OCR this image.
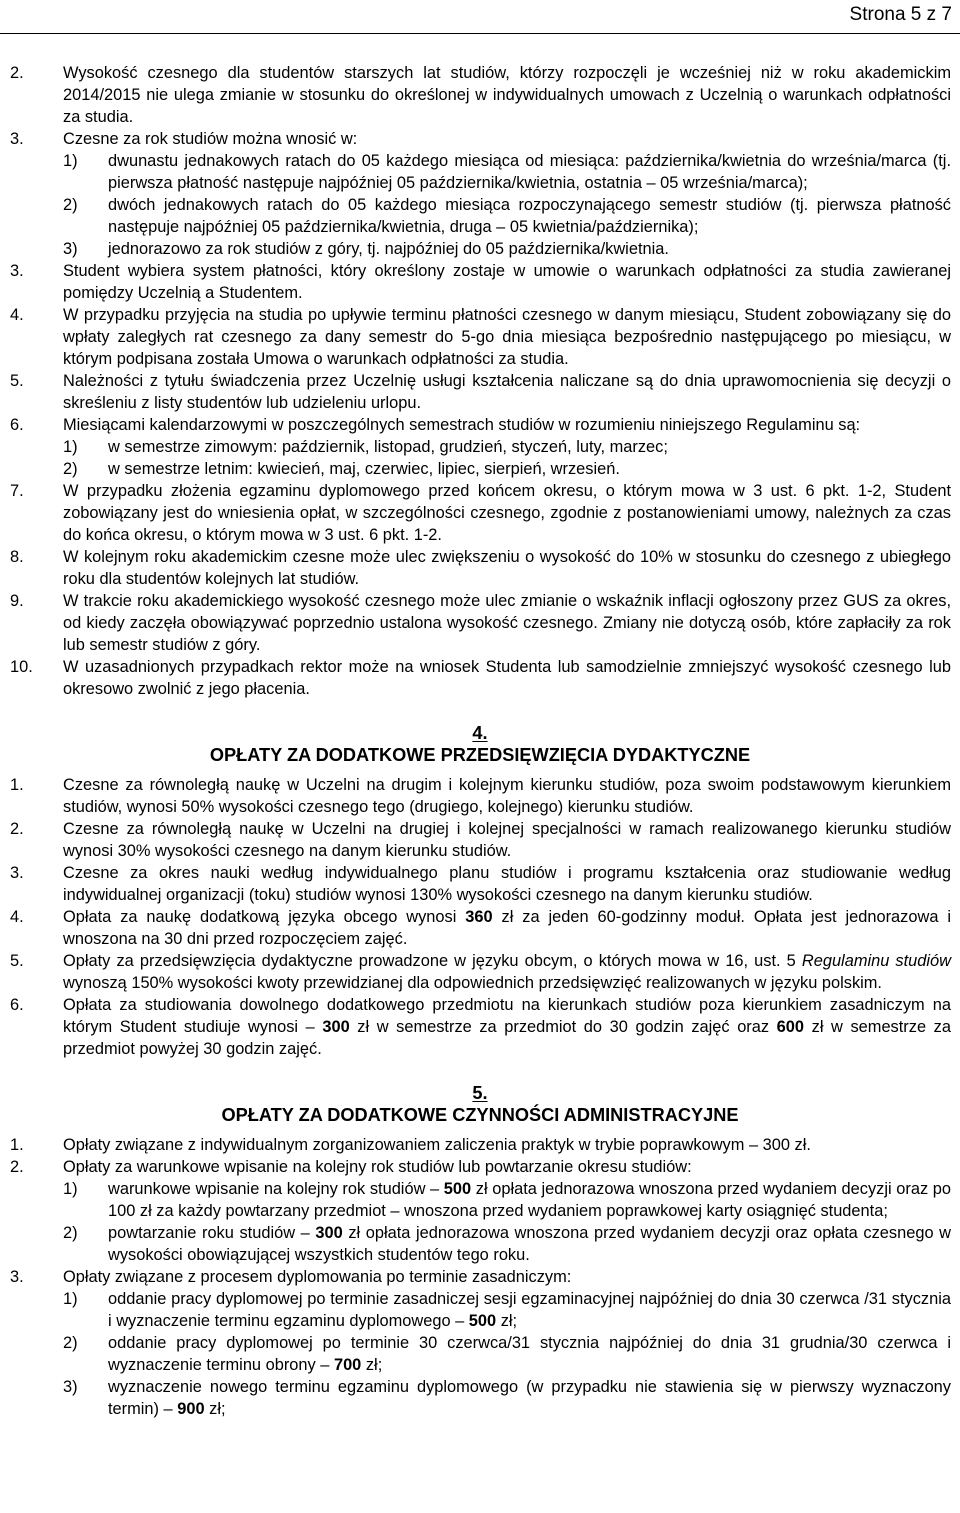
Strona 5 z 7
2. Wysokość czesnego dla studentów starszych lat studiów, którzy rozpoczęli je wcześniej niż w roku akademickim 2014/2015 nie ulega zmianie w stosunku do określonej w indywidualnych umowach z Uczelnią o warunkach odpłatności za studia.
3. Czesne za rok studiów można wnosić w:
1) dwunastu jednakowych ratach do 05 każdego miesiąca od miesiąca: października/kwietnia do września/marca (tj. pierwsza płatność następuje najpóźniej 05 października/kwietnia, ostatnia – 05 września/marca);
2) dwóch jednakowych ratach do 05 każdego miesiąca rozpoczynającego semestr studiów (tj. pierwsza płatność następuje najpóźniej 05 października/kwietnia, druga – 05 kwietnia/października);
3) jednorazowo za rok studiów z góry, tj. najpóźniej do 05 października/kwietnia.
3. Student wybiera system płatności, który określony zostaje w umowie o warunkach odpłatności za studia zawieranej pomiędzy Uczelnią a Studentem.
4. W przypadku przyjęcia na studia po upływie terminu płatności czesnego w danym miesiącu, Student zobowiązany się do wpłaty zaległych rat czesnego za dany semestr do 5-go dnia miesiąca bezpośrednio następującego po miesiącu, w którym podpisana została Umowa o warunkach odpłatności za studia.
5. Należności z tytułu świadczenia przez Uczelnię usługi kształcenia naliczane są do dnia uprawomocnienia się decyzji o skreśleniu z listy studentów lub udzieleniu urlopu.
6. Miesiącami kalendarzowymi w poszczególnych semestrach studiów w rozumieniu niniejszego Regulaminu są:
1) w semestrze zimowym: październik, listopad, grudzień, styczeń, luty, marzec;
2) w semestrze letnim: kwiecień, maj, czerwiec, lipiec, sierpień, wrzesień.
7. W przypadku złożenia egzaminu dyplomowego przed końcem okresu, o którym mowa w 3 ust. 6 pkt. 1-2, Student zobowiązany jest do wniesienia opłat, w szczególności czesnego, zgodnie z postanowieniami umowy, należnych za czas do końca okresu, o którym mowa w 3 ust. 6 pkt. 1-2.
8. W kolejnym roku akademickim czesne może ulec zwiększeniu o wysokość do 10% w stosunku do czesnego z ubiegłego roku dla studentów kolejnych lat studiów.
9. W trakcie roku akademickiego wysokość czesnego może ulec zmianie o wskaźnik inflacji ogłoszony przez GUS za okres, od kiedy zaczęła obowiązywać poprzednio ustalona wysokość czesnego. Zmiany nie dotyczą osób, które zapłaciły za rok lub semestr studiów z góry.
10. W uzasadnionych przypadkach rektor może na wniosek Studenta lub samodzielnie zmniejszyć wysokość czesnego lub okresowo zwolnić z jego płacenia.
4.
OPŁATY ZA DODATKOWE PRZEDSIĘWZIĘCIA DYDAKTYCZNE
1. Czesne za równoległą naukę w Uczelni na drugim i kolejnym kierunku studiów, poza swoim podstawowym kierunkiem studiów, wynosi 50% wysokości czesnego tego (drugiego, kolejnego) kierunku studiów.
2. Czesne za równoległą naukę w Uczelni na drugiej i kolejnej specjalności w ramach realizowanego kierunku studiów wynosi 30% wysokości czesnego na danym kierunku studiów.
3. Czesne za okres nauki według indywidualnego planu studiów i programu kształcenia oraz studiowanie według indywidualnej organizacji (toku) studiów wynosi 130% wysokości czesnego na danym kierunku studiów.
4. Opłata za naukę dodatkową języka obcego wynosi 360 zł za jeden 60-godzinny moduł. Opłata jest jednorazowa i wnoszona na 30 dni przed rozpoczęciem zajęć.
5. Opłaty za przedsięwzięcia dydaktyczne prowadzone w języku obcym, o których mowa w 16, ust. 5 Regulaminu studiów wynoszą 150% wysokości kwoty przewidzianej dla odpowiednich przedsięwzięć realizowanych w języku polskim.
6. Opłata za studiowania dowolnego dodatkowego przedmiotu na kierunkach studiów poza kierunkiem zasadniczym na którym Student studiuje wynosi – 300 zł w semestrze za przedmiot do 30 godzin zajęć oraz 600 zł w semestrze za przedmiot powyżej 30 godzin zajęć.
5.
OPŁATY ZA DODATKOWE CZYNNOŚCI ADMINISTRACYJNE
1. Opłaty związane z indywidualnym zorganizowaniem zaliczenia praktyk w trybie poprawkowym – 300 zł.
2. Opłaty za warunkowe wpisanie na kolejny rok studiów lub powtarzanie okresu studiów:
1) warunkowe wpisanie na kolejny rok studiów – 500 zł opłata jednorazowa wnoszona przed wydaniem decyzji oraz po 100 zł za każdy powtarzany przedmiot – wnoszona przed wydaniem poprawkowej karty osiągnięć studenta;
2) powtarzanie roku studiów – 300 zł opłata jednorazowa wnoszona przed wydaniem decyzji oraz opłata czesnego w wysokości obowiązującej wszystkich studentów tego roku.
3. Opłaty związane z procesem dyplomowania po terminie zasadniczym:
1) oddanie pracy dyplomowej po terminie zasadniczej sesji egzaminacyjnej najpóźniej do dnia 30 czerwca /31 stycznia i wyznaczenie terminu egzaminu dyplomowego – 500 zł;
2) oddanie pracy dyplomowej po terminie 30 czerwca/31 stycznia najpóźniej do dnia 31 grudnia/30 czerwca i wyznaczenie terminu obrony – 700 zł;
3) wyznaczenie nowego terminu egzaminu dyplomowego (w przypadku nie stawienia się w pierwszy wyznaczony termin) – 900 zł;
